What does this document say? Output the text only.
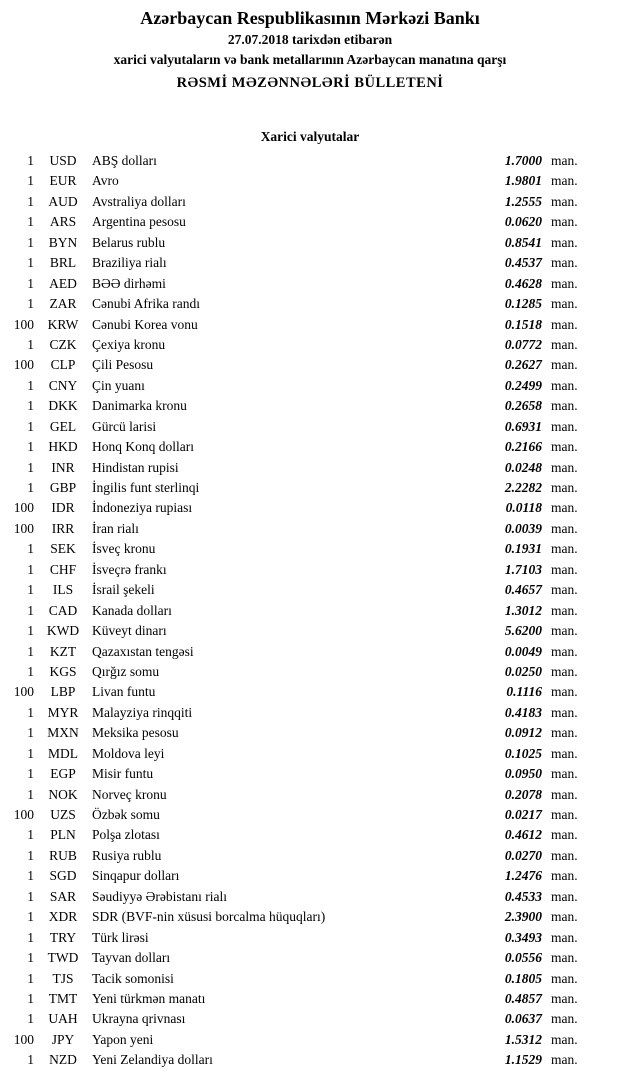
Azərbaycan Respublikasının Mərkəzi Bankı
27.07.2018 tarixdən etibarən
xarici valyutaların və bank metallarının Azərbaycan manatına qarşı
RƏSMİ MƏZƏNNƏLƏRİ BÜLLETENİ
Xarici valyutalar
1	USD	ABŞ dolları	1.7000 man.
1	EUR	Avro	1.9801 man.
1	AUD	Avstraliya dolları	1.2555 man.
1	ARS	Argentina pesosu	0.0620 man.
1	BYN	Belarus rublu	0.8541 man.
1	BRL	Braziliya rialı	0.4537 man.
1	AED	BƏƏ dirhəmi	0.4628 man.
1	ZAR	Cənubi Afrika randı	0.1285 man.
100	KRW	Cənubi Korea vonu	0.1518 man.
1	CZK	Çexiya kronu	0.0772 man.
100	CLP	Çili Pesosu	0.2627 man.
1	CNY	Çin yuanı	0.2499 man.
1	DKK	Danimarka kronu	0.2658 man.
1	GEL	Gürcü larisi	0.6931 man.
1	HKD	Honq Konq dolları	0.2166 man.
1	INR	Hindistan rupisi	0.0248 man.
1	GBP	İngilis funt sterlinqi	2.2282 man.
100	IDR	İndoneziya rupiası	0.0118 man.
100	IRR	İran rialı	0.0039 man.
1	SEK	İsveç kronu	0.1931 man.
1	CHF	İsveçrə frankı	1.7103 man.
1	ILS	İsrail şekeli	0.4657 man.
1	CAD	Kanada dolları	1.3012 man.
1 KWD Küveyt dinarı	5.6200 man.
1	KZT	Qazaxıstan tengəsi	0.0049 man.
1	KGS	Qırğız somu	0.0250 man.
100	LBP	Livan funtu	0.1116 man.
1	MYR	Malayziya rinqqiti	0.4183 man.
1 MXN Meksika pesosu	0.0912 man.
1	MDL	Moldova leyi	0.1025 man.
1	EGP	Misir funtu	0.0950 man.
1	NOK	Norveç kronu	0.2078 man.
100	UZS	Özbək somu	0.0217 man.
1	PLN	Polşa zlotası	0.4612 man.
1	RUB	Rusiya rublu	0.0270 man.
1	SGD	Sinqapur dolları	1.2476 man.
1	SAR	Səudiyyə Ərəbistanı rialı	0.4533 man.
1	XDR	SDR (BVF-nin xüsusi borcalma hüquqları)	2.3900 man.
1	TRY	Türk lirəsi	0.3493 man.
1	TWD	Tayvan dolları	0.0556 man.
1	TJS	Tacik somonisi	0.1805 man.
1	TMT	Yeni türkmən manatı	0.4857 man.
1	UAH	Ukrayna qrivnası	0.0637 man.
100	JPY	Yapon yeni	1.5312 man.
1	NZD	Yeni Zelandiya dolları	1.1529 man.
